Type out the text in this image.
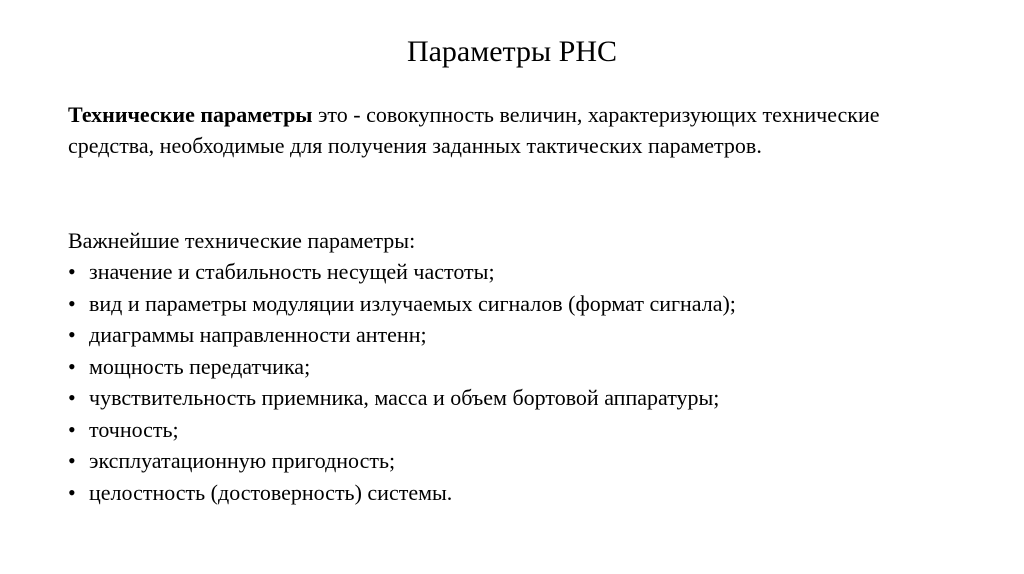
Параметры РНС
Технические параметры это - совокупность величин, характеризующих технические средства, необходимые для получения заданных тактических параметров.
Важнейшие технические параметры:
• значение и стабильность несущей частоты;
• вид и параметры модуляции излучаемых сигналов (формат сигнала);
• диаграммы направленности антенн;
• мощность передатчика;
• чувствительность приемника, масса и объем бортовой аппаратуры;
• точность;
• эксплуатационную пригодность;
• целостность (достоверность) системы.
